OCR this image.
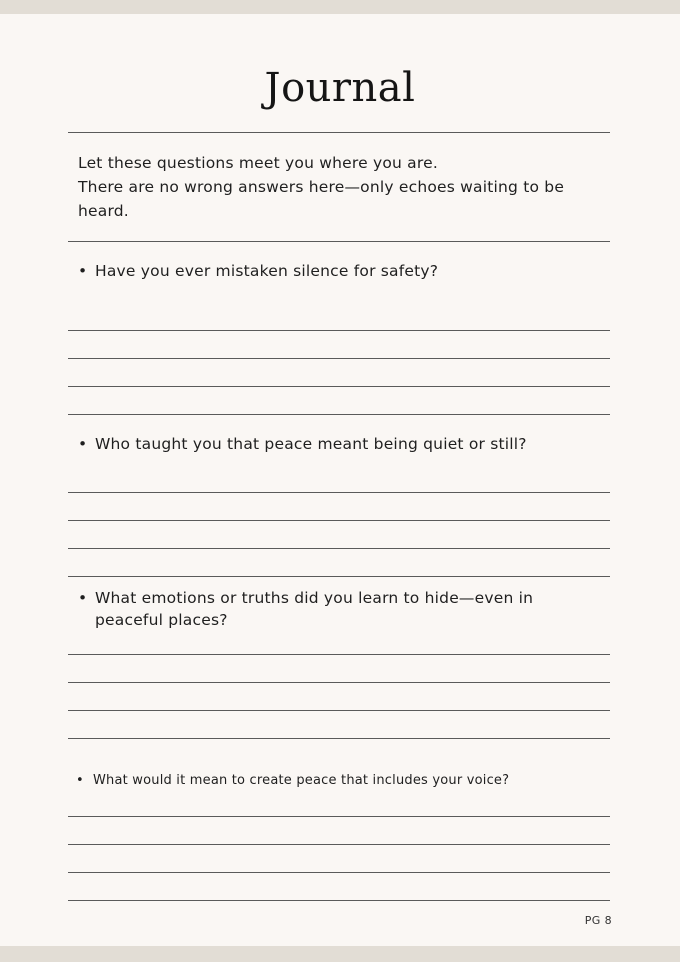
Journal

Let these questions meet you where you are.

There are no wrong answers here—only echoes waiting to be heard.

• Have you ever mistaken silence for safety?
• Who taught you that peace meant being quiet or still?
• What emotions or truths did you learn to hide—even in peaceful places?
• What would it mean to create peace that includes your voice?
PG 8
